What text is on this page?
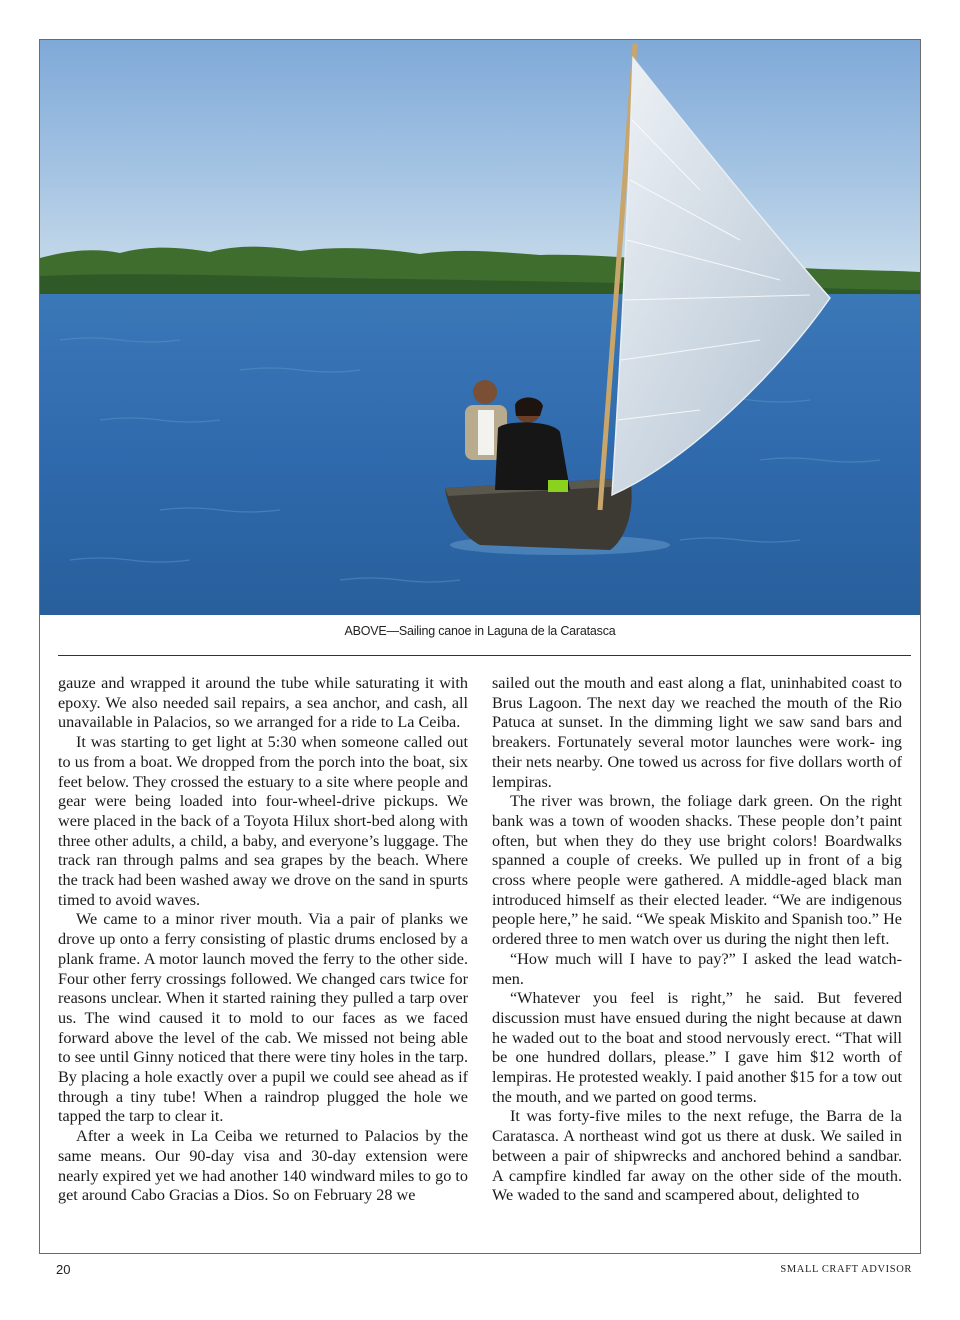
ABOVE—Sailing canoe in Laguna de la Caratasca

gauze and wrapped it around the tube while saturating it with epoxy. We also needed sail repairs, a sea anchor, and cash, all unavailable in Palacios, so we arranged for a ride to La Ceiba.

It was starting to get light at 5:30 when someone called out to us from a boat. We dropped from the porch into the boat, six feet below. They crossed the estuary to a site where people and gear were being loaded into four-wheel-drive pickups. We were placed in the back of a Toyota Hilux short-bed along with three other adults, a child, a baby, and everyone’s luggage. The track ran through palms and sea grapes by the beach. Where the track had been washed away we drove on the sand in spurts timed to avoid waves.

We came to a minor river mouth. Via a pair of planks we drove up onto a ferry consisting of plastic drums enclosed by a plank frame. A motor launch moved the ferry to the other side. Four other ferry crossings followed. We changed cars twice for reasons unclear. When it started raining they pulled a tarp over us. The wind caused it to mold to our faces as we faced forward above the level of the cab. We missed not being able to see until Ginny noticed that there were tiny holes in the tarp. By placing a hole exactly over a pupil we could see ahead as if through a tiny tube! When a raindrop plugged the hole we tapped the tarp to clear it.

After a week in La Ceiba we returned to Palacios by the same means. Our 90-day visa and 30-day extension were nearly expired yet we had another 140 windward miles to go to get around Cabo Gracias a Dios. So on February 28 we

sailed out the mouth and east along a flat, uninhabited coast to Brus Lagoon. The next day we reached the mouth of the Rio Patuca at sunset. In the dimming light we saw sand bars and breakers. Fortunately several motor launches were work- ing their nets nearby. One towed us across for five dollars worth of lempiras.

The river was brown, the foliage dark green. On the right bank was a town of wooden shacks. These people don’t paint often, but when they do they use bright colors! Boardwalks spanned a couple of creeks. We pulled up in front of a big cross where people were gathered. A middle-aged black man introduced himself as their elected leader. “We are indigenous people here,” he said. “We speak Miskito and Spanish too.” He ordered three to men watch over us during the night then left.

“How much will I have to pay?” I asked the lead watch- men.

“Whatever you feel is right,” he said. But fevered discussion must have ensued during the night because at dawn he waded out to the boat and stood nervously erect. “That will be one hundred dollars, please.” I gave him $12 worth of lempiras. He protested weakly. I paid another $15 for a tow out the mouth, and we parted on good terms.

It was forty-five miles to the next refuge, the Barra de la Caratasca. A northeast wind got us there at dusk. We sailed in between a pair of shipwrecks and anchored behind a sandbar. A campfire kindled far away on the other side of the mouth. We waded to the sand and scampered about, delighted to

20	SMALL CRAFT ADVISOR
